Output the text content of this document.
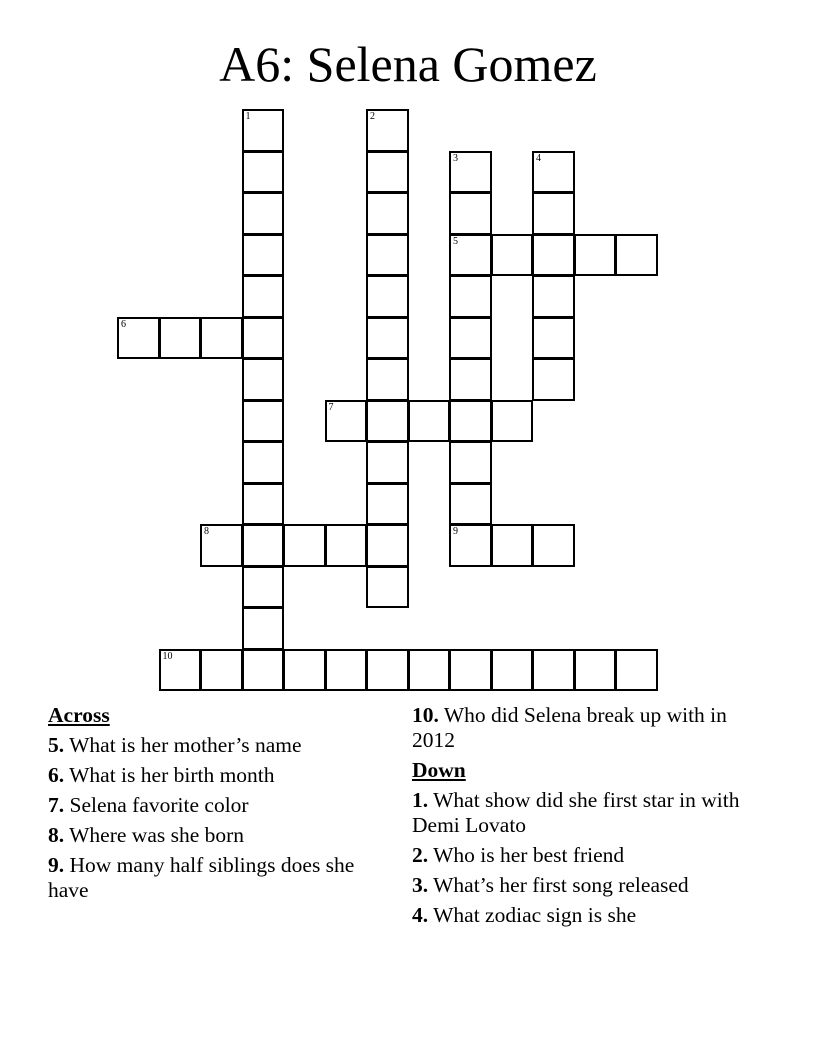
A6: Selena Gomez
1	2
3
5
4
6
7
8	9
10
Across
5. What is her mother’s name
6. What is her birth month
7. Selena favorite color
8. Where was she born
9. How many half siblings does she have
10. Who did Selena break up with in 2012
Down
1. What show did she first star in with Demi Lovato
2. Who is her best friend
3. What’s her first song released
4. What zodiac sign is she
